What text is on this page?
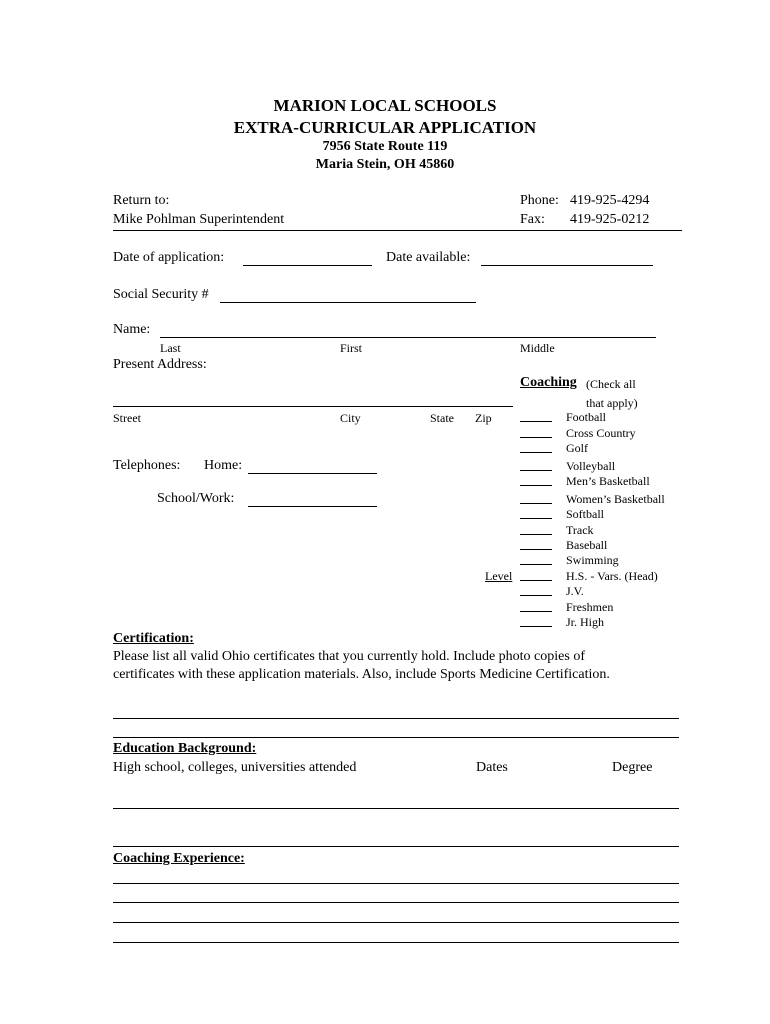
MARION LOCAL SCHOOLS
EXTRA-CURRICULAR APPLICATION
7956 State Route 119
Maria Stein, OH 45860
Return to:
Mike Pohlman Superintendent
Phone: 419-925-4294
Fax: 419-925-0212
Date of application:	Date available:
Social Security #
Name:
Last	First	Middle
Present Address:
Street	City	State Zip
Telephones: Home:
School/Work:
Coaching (Check all
that apply)
Football
Cross Country
Golf
Volleyball
Men’s Basketball
Women’s Basketball
Softball
Track
Baseball
Swimming
Level	H.S. - Vars. (Head)
J.V.
Freshmen
Jr. High
Certification:
Please list all valid Ohio certificates that you currently hold. Include photo copies of
certificates with these application materials. Also, include Sports Medicine Certification.
Education Background:
High school, colleges, universities attended	Dates	Degree
Coaching Experience:
